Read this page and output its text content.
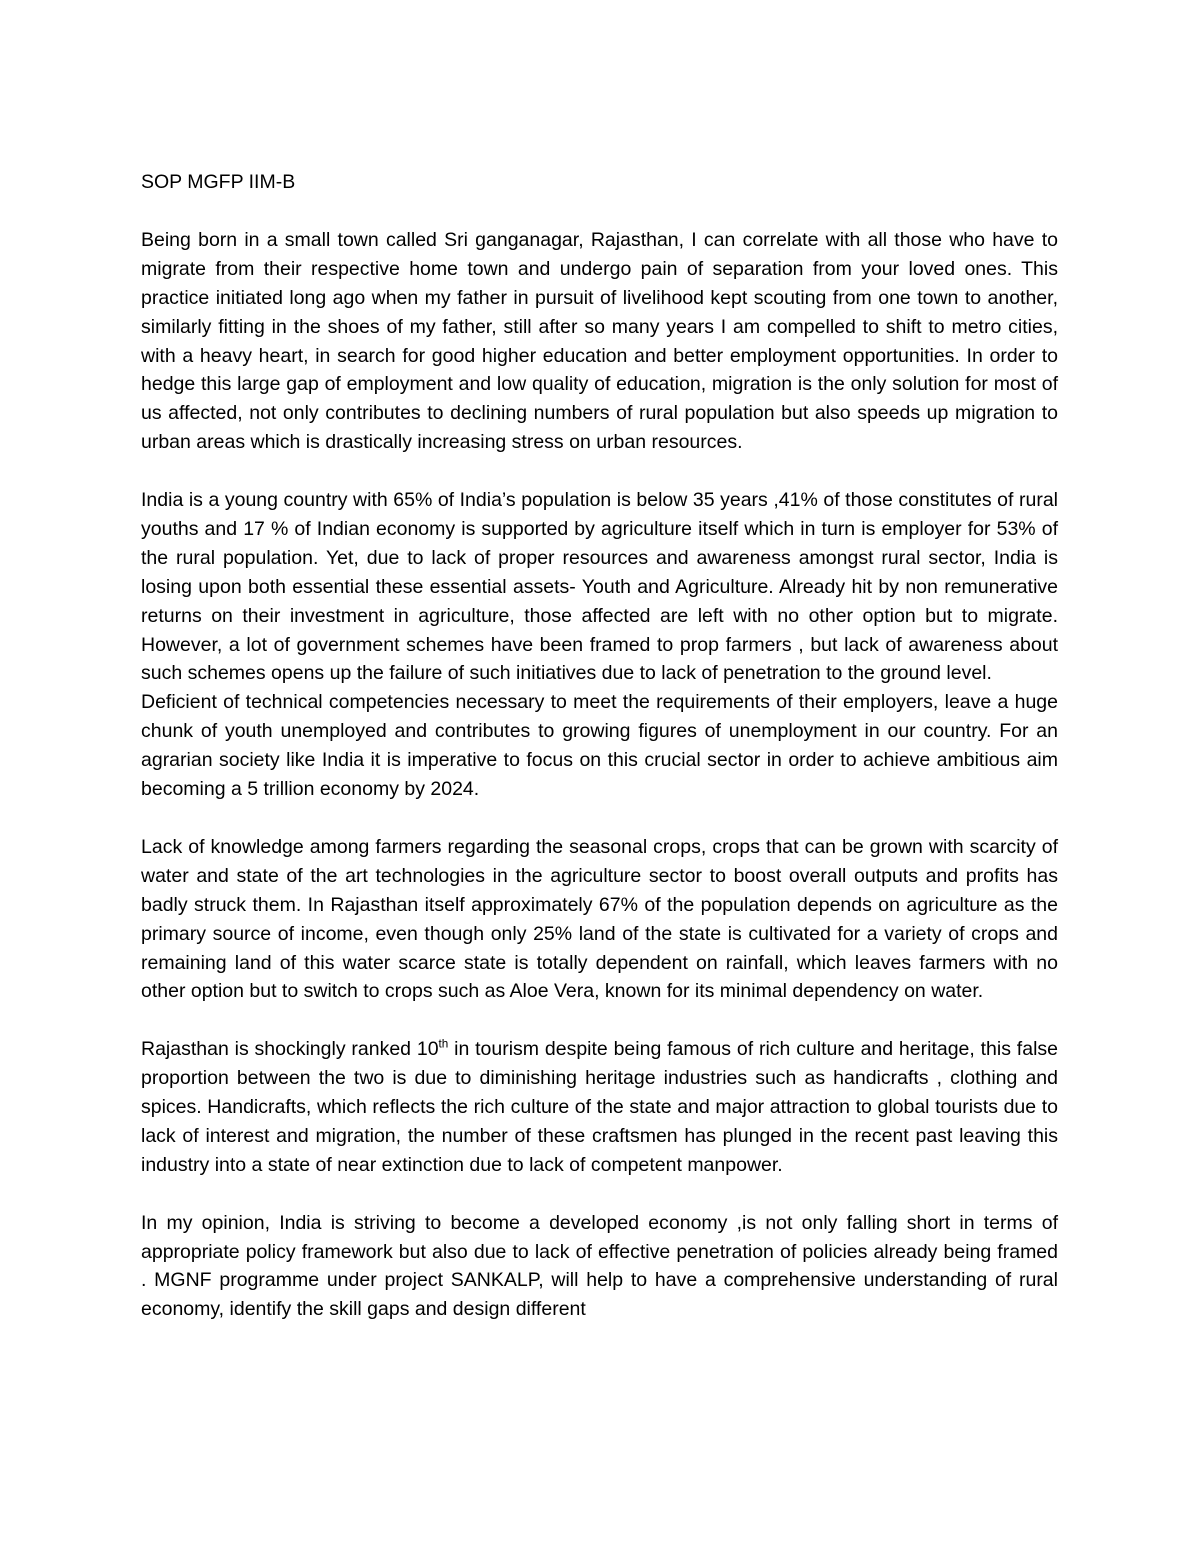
SOP MGFP IIM-B

Being born in a small town called Sri ganganagar, Rajasthan, I can correlate with all those who have to migrate from their respective home town and undergo pain of separation from your loved ones. This practice initiated long ago when my father in pursuit of livelihood kept scouting from one town to another, similarly fitting in the shoes of my father, still after so many years I am compelled to shift to metro cities, with a heavy heart, in search for good higher education and better employment opportunities. In order to hedge this large gap of employment and low quality of education, migration is the only solution for most of us affected, not only contributes to declining numbers of rural population but also speeds up migration to urban areas which is drastically increasing stress on urban resources.

India is a young country with 65% of India’s population is below 35 years ,41% of those constitutes of rural youths and 17 % of Indian economy is supported by agriculture itself which in turn is employer for 53% of the rural population. Yet, due to lack of proper resources and awareness amongst rural sector, India is losing upon both essential these essential assets- Youth and Agriculture. Already hit by non remunerative returns on their investment in agriculture, those affected are left with no other option but to migrate. However, a lot of government schemes have been framed to prop farmers , but lack of awareness about such schemes opens up the failure of such initiatives due to lack of penetration to the ground level.

Deficient of technical competencies necessary to meet the requirements of their employers, leave a huge chunk of youth unemployed and contributes to growing figures of unemployment in our country. For an agrarian society like India it is imperative to focus on this crucial sector in order to achieve ambitious aim becoming a 5 trillion economy by 2024.

Lack of knowledge among farmers regarding the seasonal crops, crops that can be grown with scarcity of water and state of the art technologies in the agriculture sector to boost overall outputs and profits has badly struck them. In Rajasthan itself approximately 67% of the population depends on agriculture as the primary source of income, even though only 25% land of the state is cultivated for a variety of crops and remaining land of this water scarce state is totally dependent on rainfall, which leaves farmers with no other option but to switch to crops such as Aloe Vera, known for its minimal dependency on water.

Rajasthan is shockingly ranked 10th in tourism despite being famous of rich culture and heritage, this false proportion between the two is due to diminishing heritage industries such as handicrafts , clothing and spices. Handicrafts, which reflects the rich culture of the state and major attraction to global tourists due to lack of interest and migration, the number of these craftsmen has plunged in the recent past leaving this industry into a state of near extinction due to lack of competent manpower.

In my opinion, India is striving to become a developed economy ,is not only falling short in terms of appropriate policy framework but also due to lack of effective penetration of policies already being framed . MGNF programme under project SANKALP, will help to have a comprehensive understanding of rural economy, identify the skill gaps and design different
